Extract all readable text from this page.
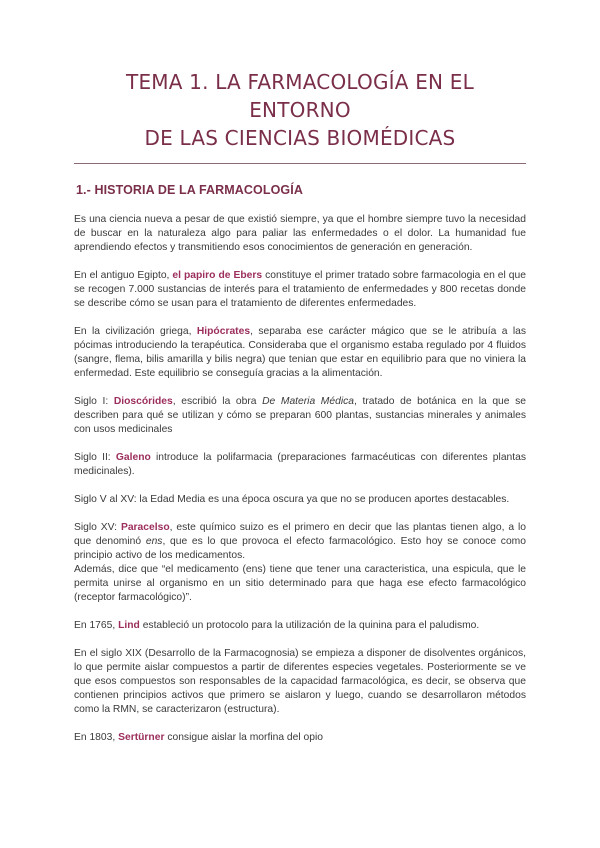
TEMA 1. LA FARMACOLOGÍA EN EL ENTORNO
DE LAS CIENCIAS BIOMÉDICAS
1.- HISTORIA DE LA FARMACOLOGÍA

Es una ciencia nueva a pesar de que existió siempre, ya que el hombre siempre tuvo la necesidad de buscar en la naturaleza algo para paliar las enfermedades o el dolor. La humanidad fue aprendiendo efectos y transmitiendo esos conocimientos de generación en generación.

En el antiguo Egipto, el papiro de Ebers constituye el primer tratado sobre farmacologia en el que se recogen 7.000 sustancias de interés para el tratamiento de enfermedades y 800 recetas donde se describe cómo se usan para el tratamiento de diferentes enfermedades.

En la civilización griega, Hipócrates, separaba ese carácter mágico que se le atribuía a las pócimas introduciendo la terapéutica. Consideraba que el organismo estaba regulado por 4 fluidos (sangre, flema, bilis amarilla y bilis negra) que tenian que estar en equilibrio para que no viniera la enfermedad. Este equilibrio se conseguía gracias a la alimentación.

Siglo I: Dioscórides, escribió la obra De Materia Médica, tratado de botánica en la que se describen para qué se utilizan y cómo se preparan 600 plantas, sustancias minerales y animales con usos medicinales

Siglo II: Galeno introduce la polifarmacia (preparaciones farmacéuticas con diferentes plantas medicinales).

Siglo V al XV: la Edad Media es una época oscura ya que no se producen aportes destacables.

Siglo XV: Paracelso, este químico suizo es el primero en decir que las plantas tienen algo, a lo que denominó ens, que es lo que provoca el efecto farmacológico. Esto hoy se conoce como principio activo de los medicamentos.
Además, dice que “el medicamento (ens) tiene que tener una caracteristica, una espicula, que le permita unirse al organismo en un sitio determinado para que haga ese efecto farmacológico (receptor farmacológico)”.

En 1765, Lind estableció un protocolo para la utilización de la quinina para el paludismo.

En el siglo XIX (Desarrollo de la Farmacognosia) se empieza a disponer de disolventes orgánicos, lo que permite aislar compuestos a partir de diferentes especies vegetales. Posteriormente se ve que esos compuestos son responsables de la capacidad farmacológica, es decir, se observa que contienen principios activos que primero se aislaron y luego, cuando se desarrollaron métodos como la RMN, se caracterizaron (estructura).

En 1803, Sertürner consigue aislar la morfina del opio
